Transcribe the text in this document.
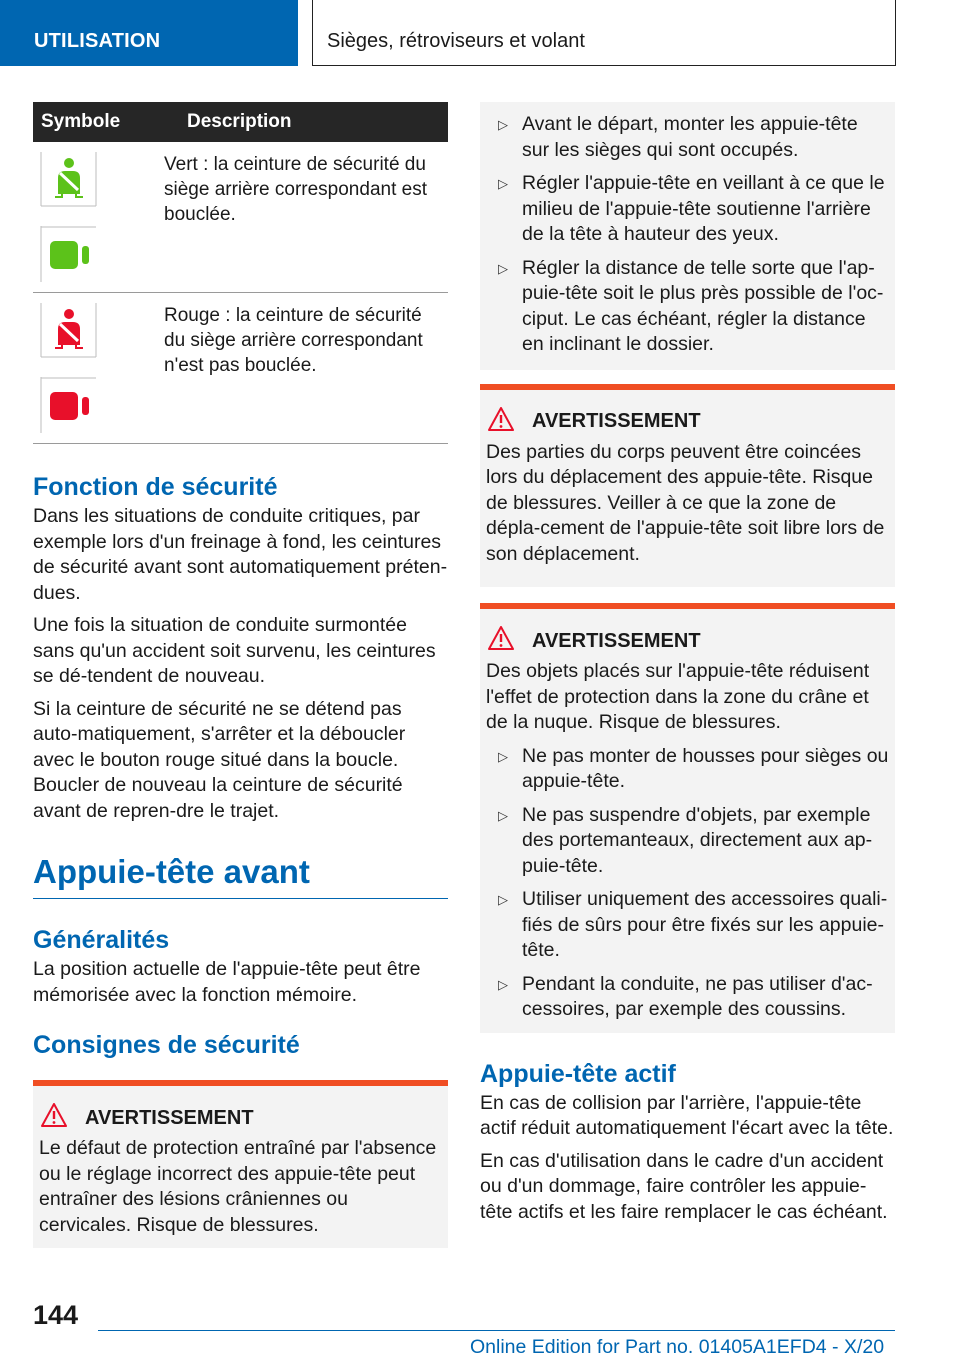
UTILISATION	Sièges, rétroviseurs et volant
Symbole	Description

	Vert : la ceinture de sécurité du siège arrière correspondant est bouclée.

	Rouge : la ceinture de sécurité du siège arrière correspondant n'est pas bouclée.
Fonction de sécurité

Dans les situations de conduite critiques, par exemple lors d'un freinage à fond, les ceintures de sécurité avant sont automatiquement préten-dues.

Une fois la situation de conduite surmontée sans qu'un accident soit survenu, les ceintures se dé-tendent de nouveau.

Si la ceinture de sécurité ne se détend pas auto-matiquement, s'arrêter et la déboucler avec le bouton rouge situé dans la boucle. Boucler de nouveau la ceinture de sécurité avant de repren-dre le trajet.

Appuie-tête avant
Généralités

La position actuelle de l'appuie-tête peut être mémorisée avec la fonction mémoire.

Consignes de sécurité
AVERTISSEMENT
Le défaut de protection entraîné par l'absence ou le réglage incorrect des appuie-tête peut entraîner des lésions crâniennes ou cervicales. Risque de blessures.
▷ Avant le départ, monter les appuie-tête sur les sièges qui sont occupés.
▷ Régler l'appuie-tête en veillant à ce que le milieu de l'appuie-tête soutienne l'arrière de la tête à hauteur des yeux.
▷ Régler la distance de telle sorte que l'ap-puie-tête soit le plus près possible de l'oc-ciput. Le cas échéant, régler la distance en inclinant le dossier.
AVERTISSEMENT
Des parties du corps peuvent être coincées lors du déplacement des appuie-tête. Risque de blessures. Veiller à ce que la zone de dépla-cement de l'appuie-tête soit libre lors de son déplacement.
AVERTISSEMENT
Des objets placés sur l'appuie-tête réduisent l'effet de protection dans la zone du crâne et de la nuque. Risque de blessures.
▷ Ne pas monter de housses pour sièges ou appuie-tête.
▷ Ne pas suspendre d'objets, par exemple des portemanteaux, directement aux ap-puie-tête.
▷ Utiliser uniquement des accessoires quali-fiés de sûrs pour être fixés sur les appuie-tête.
▷ Pendant la conduite, ne pas utiliser d'ac-cessoires, par exemple des coussins.
Appuie-tête actif

En cas de collision par l'arrière, l'appuie-tête actif réduit automatiquement l'écart avec la tête.

En cas d'utilisation dans le cadre d'un accident ou d'un dommage, faire contrôler les appuie-tête actifs et les faire remplacer le cas échéant.

144
Online Edition for Part no. 01405A1EFD4 - X/20
